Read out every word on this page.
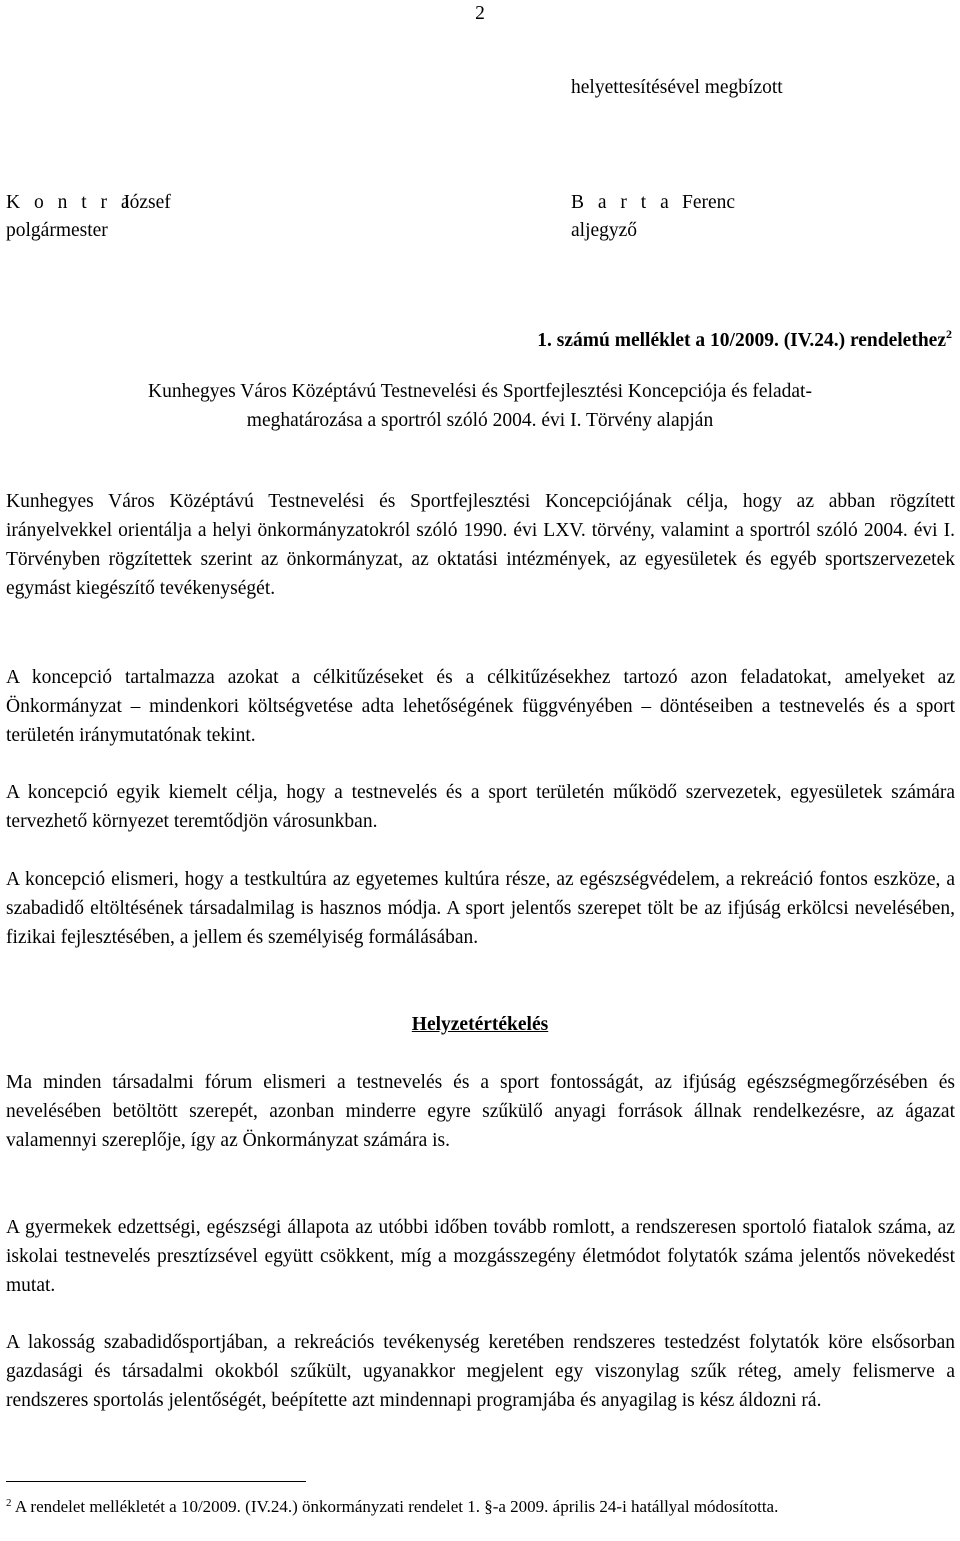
2
helyettesítésével megbízott
K o n t r a
József
polgármester
B a r t a Ferenc
aljegyző
1. számú melléklet a 10/2009. (IV.24.) rendelethez$^2$
Kunhegyes Város Középtávú Testnevelési és Sportfejlesztési Koncepciója és feladat-
meghatározása a sportról szóló 2004. évi I. Törvény alapján

Kunhegyes Város Középtávú Testnevelési és Sportfejlesztési Koncepciójának célja, hogy az abban rögzített irányelvekkel orientálja a helyi önkormányzatokról szóló 1990. évi LXV. törvény, valamint a sportról szóló 2004. évi I. Törvényben rögzítettek szerint az önkormányzat, az oktatási intézmények, az egyesületek és egyéb sportszervezetek egymást kiegészítő tevékenységét.

A koncepció tartalmazza azokat a célkitűzéseket és a célkitűzésekhez tartozó azon feladatokat, amelyeket az Önkormányzat – mindenkori költségvetése adta lehetőségének függvényében – döntéseiben a testnevelés és a sport területén iránymutatónak tekint.

A koncepció egyik kiemelt célja, hogy a testnevelés és a sport területén működő szervezetek, egyesületek számára tervezhető környezet teremtődjön városunkban.

A koncepció elismeri, hogy a testkultúra az egyetemes kultúra része, az egészségvédelem, a rekreáció fontos eszköze, a szabadidő eltöltésének társadalmilag is hasznos módja. A sport jelentős szerepet tölt be az ifjúság erkölcsi nevelésében, fizikai fejlesztésében, a jellem és személyiség formálásában.

Helyzetértékelés

Ma minden társadalmi fórum elismeri a testnevelés és a sport fontosságát, az ifjúság egészségmegőrzésében és nevelésében betöltött szerepét, azonban minderre egyre szűkülő anyagi források állnak rendelkezésre, az ágazat valamennyi szereplője, így az Önkormányzat számára is.

A gyermekek edzettségi, egészségi állapota az utóbbi időben tovább romlott, a rendszeresen sportoló fiatalok száma, az iskolai testnevelés presztízsével együtt csökkent, míg a mozgásszegény életmódot folytatók száma jelentős növekedést mutat.

A lakosság szabadidősportjában, a rekreációs tevékenység keretében rendszeres testedzést folytatók köre elsősorban gazdasági és társadalmi okokból szűkült, ugyanakkor megjelent egy viszonylag szűk réteg, amely felismerve a rendszeres sportolás jelentőségét, beépítette azt mindennapi programjába és anyagilag is kész áldozni rá.

$^2$ A rendelet mellékletét a 10/2009. (IV.24.) önkormányzati rendelet 1. §-a 2009. április 24-i hatállyal módosította.
